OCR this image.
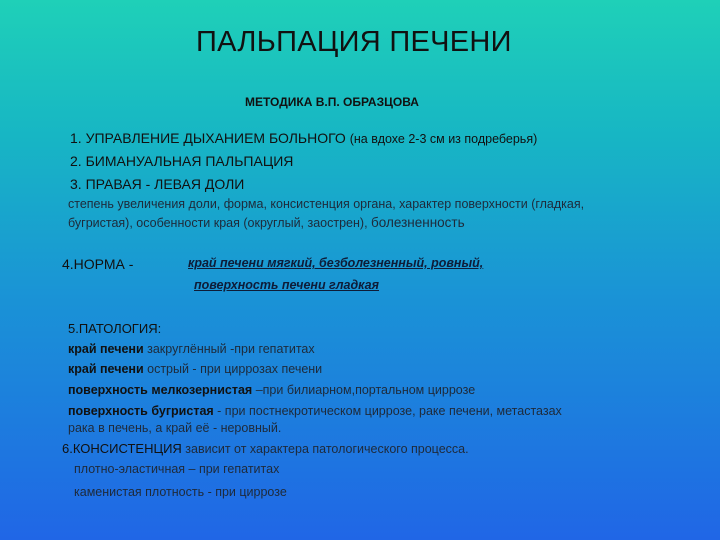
ПАЛЬПАЦИЯ ПЕЧЕНИ
МЕТОДИКА В.П. ОБРАЗЦОВА
1. УПРАВЛЕНИЕ ДЫХАНИЕМ БОЛЬНОГО (на вдохе 2-3 см из подреберья)
2. БИМАНУАЛЬНАЯ ПАЛЬПАЦИЯ
3. ПРАВАЯ - ЛЕВАЯ ДОЛИ
степень увеличения доли, форма, консистенция органа, характер поверхности (гладкая,
бугристая), особенности края (округлый, заострен), болезненность
4.НОРМА -	край печени мягкий, безболезненный, ровный,
поверхность печени гладкая
5.ПАТОЛОГИЯ:
край печени закруглённый -при гепатитах
край печени острый - при циррозах печени
поверхность мелкозернистая –при билиарном,портальном циррозе
поверхность бугристая - при постнекротическом циррозе, раке печени, метастазах
рака в печень, а край её - неровный.
6.КОНСИСТЕНЦИЯ зависит от характера патологического процесса.
плотно-эластичная – при гепатитах
каменистая плотность - при циррозе
